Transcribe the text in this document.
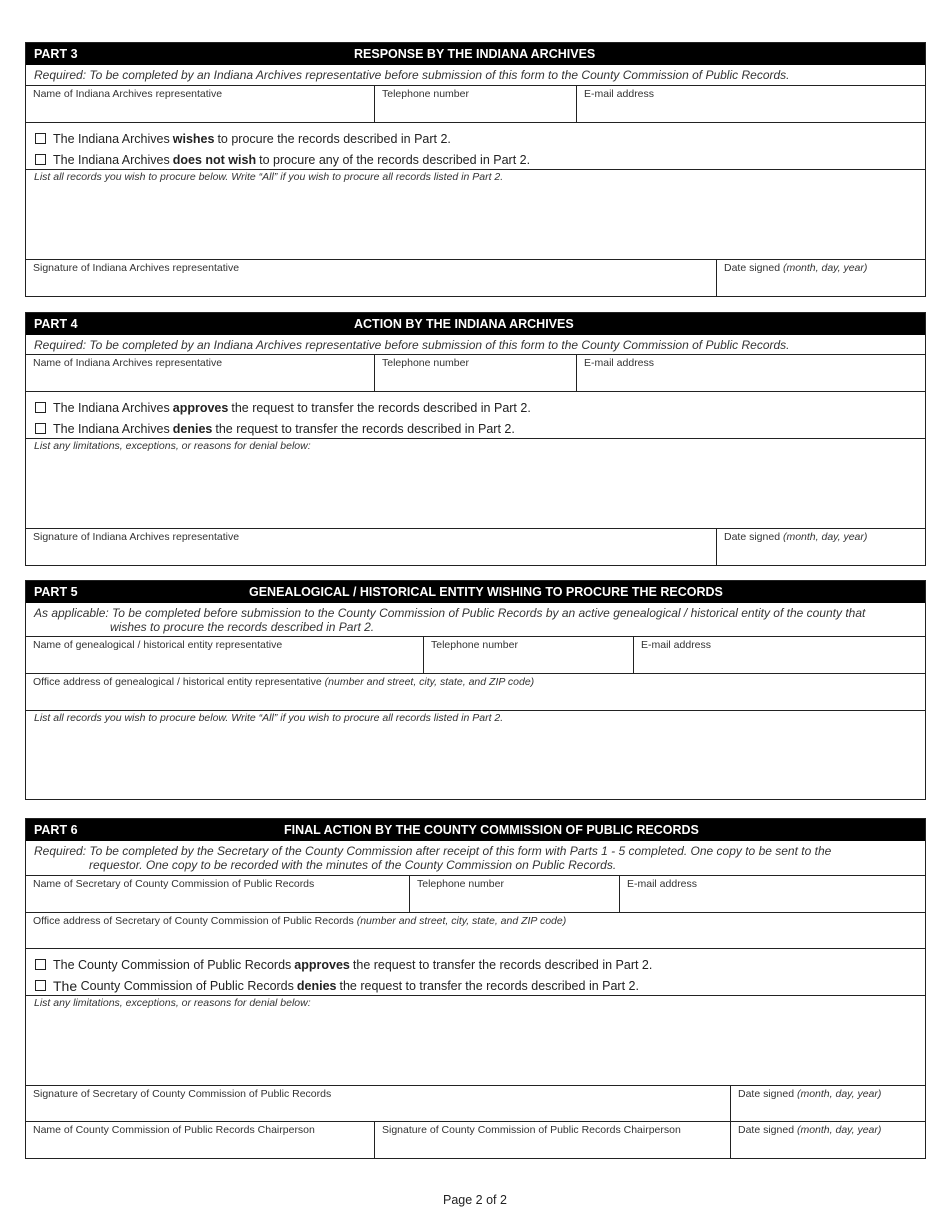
PART 3	RESPONSE BY THE INDIANA ARCHIVES
Required: To be completed by an Indiana Archives representative before submission of this form to the County Commission of Public Records.
Name of Indiana Archives representative	Telephone number	E-mail address
The Indiana Archives wishes to procure the records described in Part 2.
The Indiana Archives does not wish to procure any of the records described in Part 2.
List all records you wish to procure below. Write “All” if you wish to procure all records listed in Part 2.
Signature of Indiana Archives representative	Date signed (month, day, year)
PART 4	ACTION BY THE INDIANA ARCHIVES
Required: To be completed by an Indiana Archives representative before submission of this form to the County Commission of Public Records.
Name of Indiana Archives representative	Telephone number	E-mail address
The Indiana Archives approves the request to transfer the records described in Part 2.
The Indiana Archives denies the request to transfer the records described in Part 2.
List any limitations, exceptions, or reasons for denial below:
Signature of Indiana Archives representative	Date signed (month, day, year)
PART 5	GENEALOGICAL / HISTORICAL ENTITY WISHING TO PROCURE THE RECORDS
As applicable: To be completed before submission to the County Commission of Public Records by an active genealogical / historical entity of the county that
wishes to procure the records described in Part 2.
Name of genealogical / historical entity representative	Telephone number	E-mail address
Office address of genealogical / historical entity representative (number and street, city, state, and ZIP code)
List all records you wish to procure below. Write “All” if you wish to procure all records listed in Part 2.
PART 6	FINAL ACTION BY THE COUNTY COMMISSION OF PUBLIC RECORDS
Required: To be completed by the Secretary of the County Commission after receipt of this form with Parts 1 - 5 completed. One copy to be sent to the
requestor. One copy to be recorded with the minutes of the County Commission on Public Records.
Name of Secretary of County Commission of Public Records	Telephone number	E-mail address
Office address of Secretary of County Commission of Public Records (number and street, city, state, and ZIP code)
The County Commission of Public Records approves the request to transfer the records described in Part 2.
The
County Commission of Public Records denies the request to transfer the records described in Part 2.
List any limitations, exceptions, or reasons for denial below:
Signature of Secretary of County Commission of Public Records	Date signed (month, day, year)
Name of County Commission of Public Records Chairperson	Signature of County Commission of Public Records Chairperson	Date signed (month, day, year)
Page 2 of 2
